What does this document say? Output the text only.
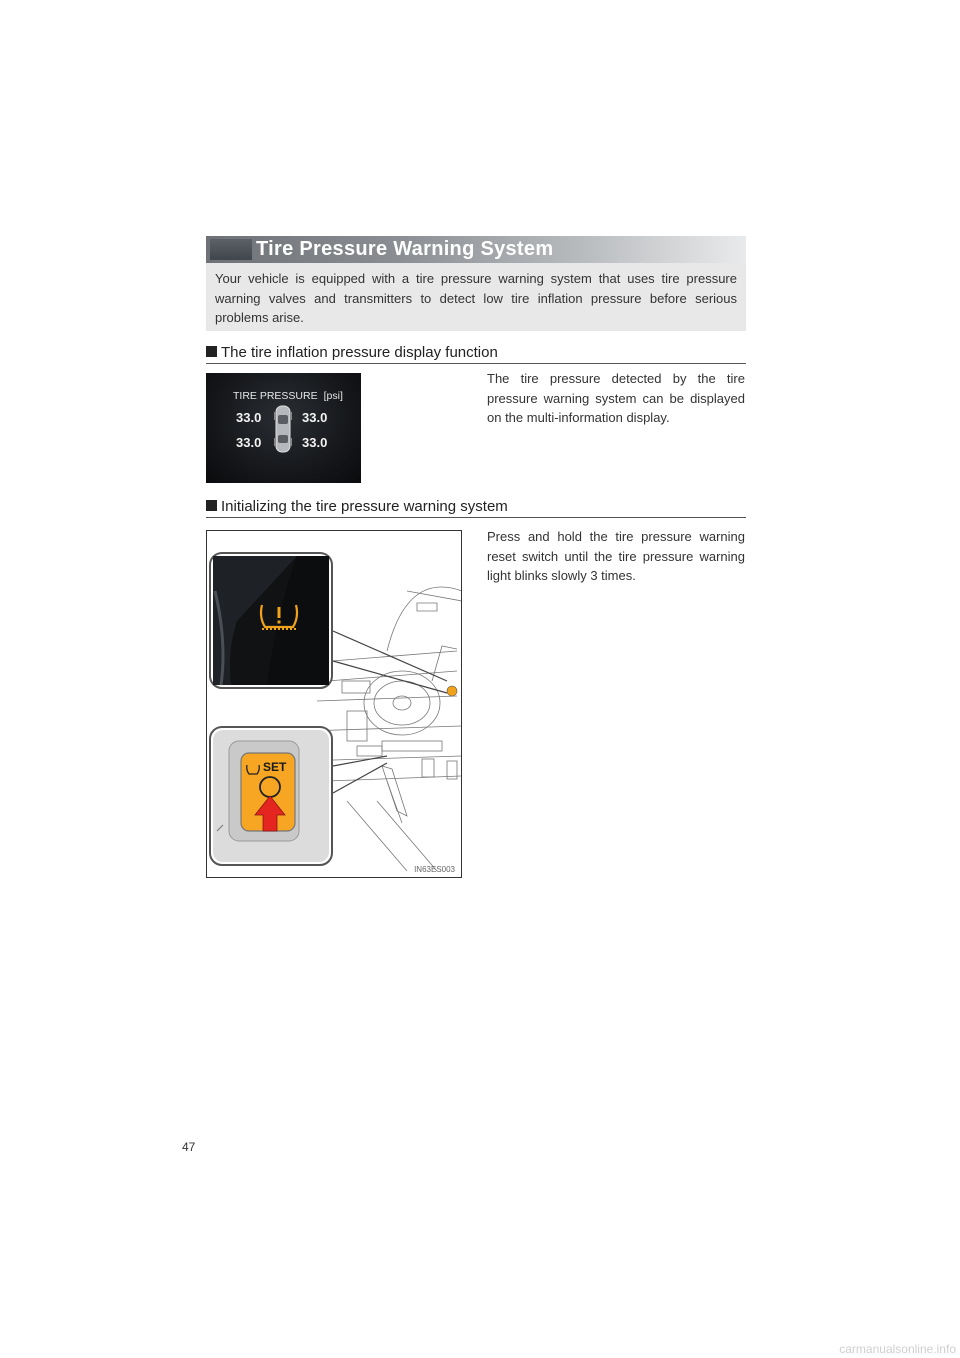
Tire Pressure Warning System
Your vehicle is equipped with a tire pressure warning system that uses tire pressure warning valves and transmitters to detect low tire inflation pressure before serious problems arise.
The tire inflation pressure display function
TIRE PRESSURE [psi]
33.0	33.0
33.0	33.0
The tire pressure detected by the tire pressure warning system can be displayed on the multi-information display.
Initializing the tire pressure warning system
SET
IN63ES003
Press and hold the tire pressure warning reset switch until the tire pressure warning light blinks slowly 3 times.
47
carmanualsonline.info
